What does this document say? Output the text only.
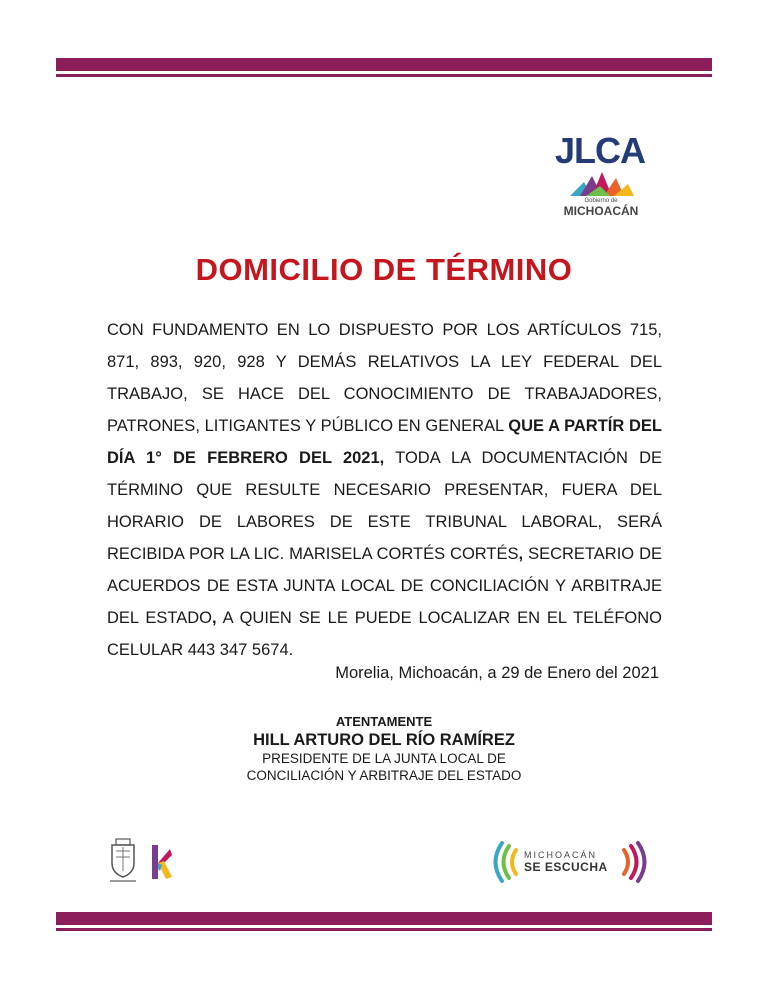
JLCA
Gobierno de
MICHOACÁN
DOMICILIO DE TÉRMINO
CON FUNDAMENTO EN LO DISPUESTO POR LOS ARTÍCULOS 715, 871, 893, 920, 928 Y DEMÁS RELATIVOS LA LEY FEDERAL DEL TRABAJO, SE HACE DEL CONOCIMIENTO DE TRABAJADORES, PATRONES, LITIGANTES Y PÚBLICO EN GENERAL QUE A PARTÍR DEL DÍA 1° DE FEBRERO DEL 2021, TODA LA DOCUMENTACIÓN DE TÉRMINO QUE RESULTE NECESARIO PRESENTAR, FUERA DEL HORARIO DE LABORES DE ESTE TRIBUNAL LABORAL, SERÁ RECIBIDA POR LA LIC. MARISELA CORTÉS CORTÉS, SECRETARIO DE ACUERDOS DE ESTA JUNTA LOCAL DE CONCILIACIÓN Y ARBITRAJE DEL ESTADO, A QUIEN SE LE PUEDE LOCALIZAR EN EL TELÉFONO CELULAR 443 347 5674.
Morelia, Michoacán, a 29 de Enero del 2021
ATENTAMENTE
HILL ARTURO DEL RÍO RAMÍREZ
PRESIDENTE DE LA JUNTA LOCAL DE
CONCILIACIÓN Y ARBITRAJE DEL ESTADO
MICHOACÁN
SE ESCUCHA
